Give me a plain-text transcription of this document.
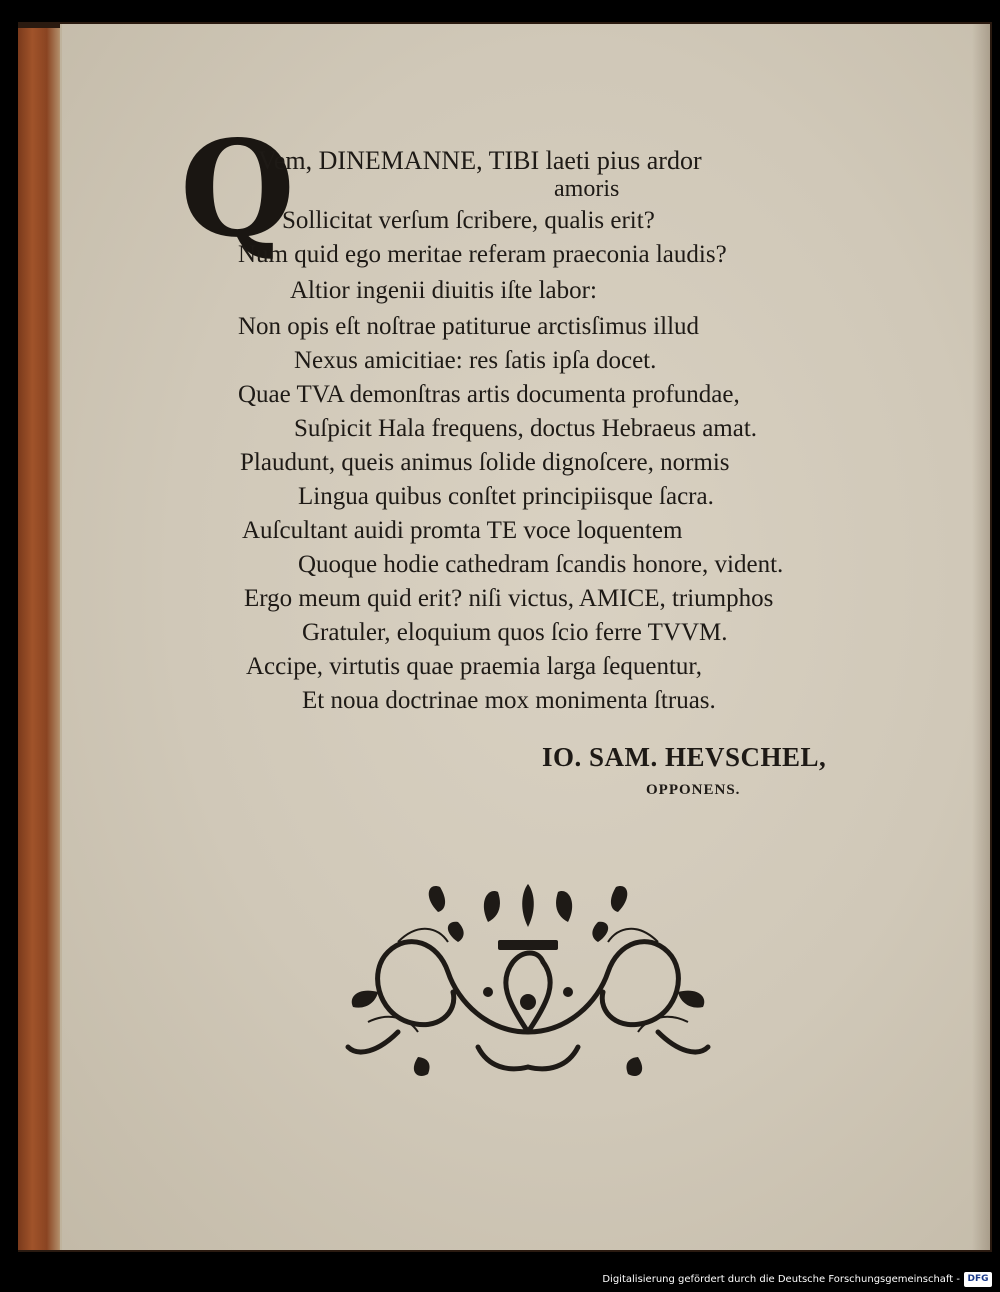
Q
Vem, DINEMANNE, TIBI laeti pius ardor
amoris
Sollicitat verſum ſcribere, qualis erit?
Num quid ego meritae referam praeconia laudis?
Altior ingenii diuitis iſte labor:
Non opis eſt noſtrae patiturue arctisſimus illud
Nexus amicitiae: res ſatis ipſa docet.
Quae TVA demonſtras artis documenta profundae,
Suſpicit Hala frequens, doctus Hebraeus amat.
Plaudunt, queis animus ſolide dignoſcere, normis
Lingua quibus conſtet principiisque ſacra.
Auſcultant auidi promta TE voce loquentem
Quoque hodie cathedram ſcandis honore, vident.
Ergo meum quid erit? niſi victus, AMICE, triumphos
Gratuler, eloquium quos ſcio ferre TVVM.
Accipe, virtutis quae praemia larga ſequentur,
Et noua doctrinae mox monimenta ſtruas.
IO. SAM. HEVSCHEL,
OPPONENS.
Digitalisierung gefördert durch die Deutsche Forschungsgemeinschaft - DFG
